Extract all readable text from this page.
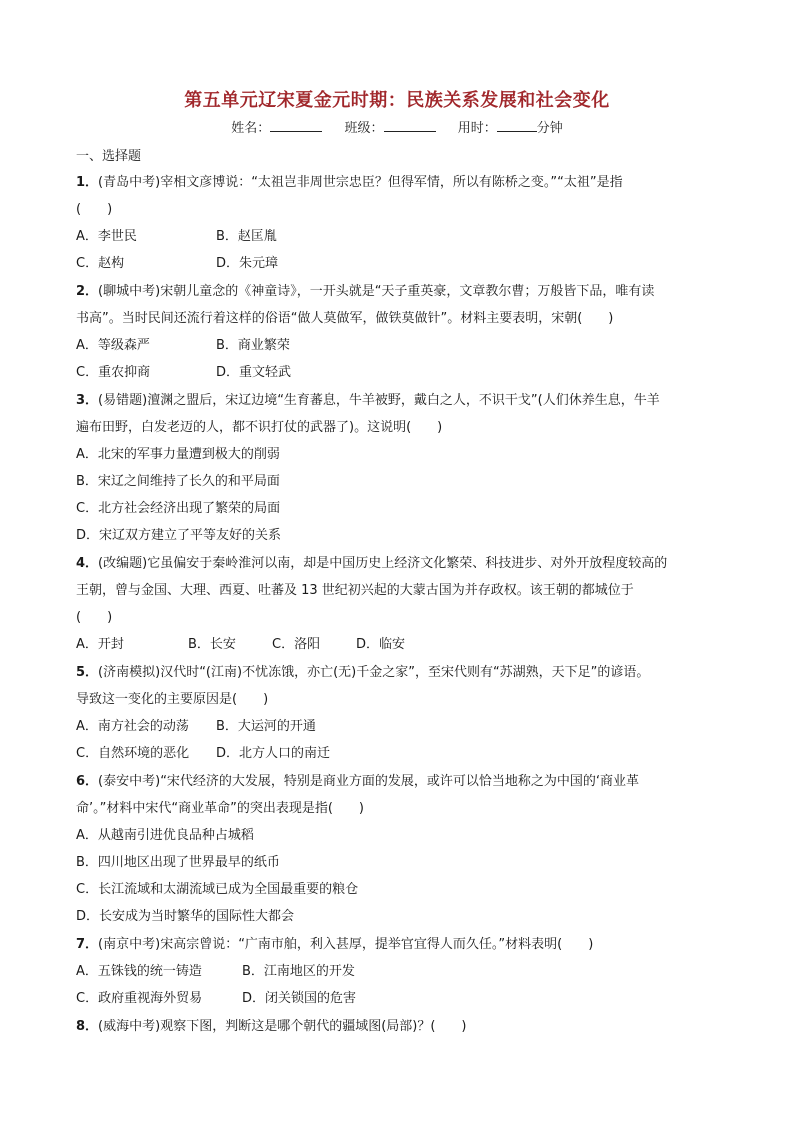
第五单元辽宋夏金元时期：民族关系发展和社会变化
姓名：	班级：	用时：	分钟
一、选择题
1．(青岛中考)宰相文彦博说：“太祖岂非周世宗忠臣？但得军情，所以有陈桥之变。”“太祖”是指
(　　)
A．李世民	B．赵匡胤
C．赵构	D．朱元璋
2．(聊城中考)宋朝儿童念的《神童诗》，一开头就是“天子重英豪，文章教尔曹；万般皆下品，唯有读
书高”。当时民间还流行着这样的俗语“做人莫做军，做铁莫做针”。材料主要表明，宋朝(　　)
A．等级森严	B．商业繁荣
C．重农抑商	D．重文轻武
3．(易错题)澶渊之盟后，宋辽边境“生育蕃息，牛羊被野，戴白之人，不识干戈”(人们休养生息，牛羊
遍布田野，白发老迈的人，都不识打仗的武器了)。这说明(　　)
A．北宋的军事力量遭到极大的削弱
B．宋辽之间维持了长久的和平局面
C．北方社会经济出现了繁荣的局面
D．宋辽双方建立了平等友好的关系
4．(改编题)它虽偏安于秦岭淮河以南，却是中国历史上经济文化繁荣、科技进步、对外开放程度较高的
王朝，曾与金国、大理、西夏、吐蕃及 13 世纪初兴起的大蒙古国为并存政权。该王朝的都城位于
(　　)
A．开封	B．长安	C．洛阳	D．临安
5．(济南模拟)汉代时“(江南)不忧冻饿，亦亡(无)千金之家”，至宋代则有“苏湖熟，天下足”的谚语。
导致这一变化的主要原因是(　　)
A．南方社会的动荡 B．大运河的开通
C．自然环境的恶化 D．北方人口的南迁
6．(泰安中考)“宋代经济的大发展，特别是商业方面的发展，或许可以恰当地称之为中国的‘商业革
命’。”材料中宋代“商业革命”的突出表现是指(　　)
A．从越南引进优良品种占城稻
B．四川地区出现了世界最早的纸币
C．长江流域和太湖流域已成为全国最重要的粮仓
D．长安成为当时繁华的国际性大都会
7．(南京中考)宋高宗曾说：“广南市舶，利入甚厚，提举官宜得人而久任。”材料表明(　　)
A．五铢钱的统一铸造	B．江南地区的开发
C．政府重视海外贸易	D．闭关锁国的危害
8．(威海中考)观察下图，判断这是哪个朝代的疆域图(局部)？(　　)
